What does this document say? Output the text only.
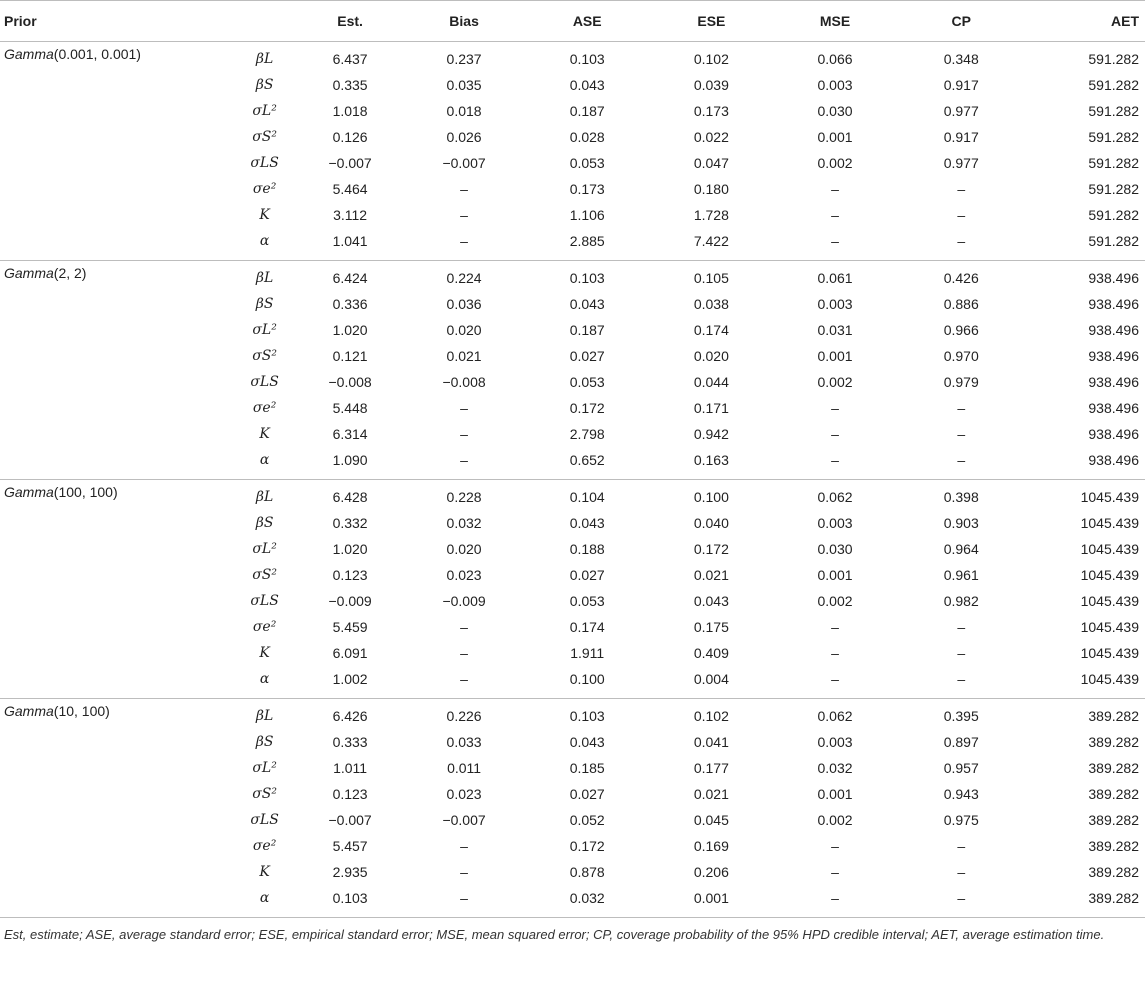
Prior		Est.	Bias	ASE	ESE	MSE	CP	AET
Gamma(0.001, 0.001)	βL	6.437	0.237	0.103	0.102	0.066	0.348	591.282
	βS	0.335	0.035	0.043	0.039	0.003	0.917	591.282
	σL²	1.018	0.018	0.187	0.173	0.030	0.977	591.282
	σS²	0.126	0.026	0.028	0.022	0.001	0.917	591.282
	σLS	−0.007	−0.007	0.053	0.047	0.002	0.977	591.282
	σe²	5.464	–	0.173	0.180	–	–	591.282
	K	3.112	–	1.106	1.728	–	–	591.282
	α	1.041	–	2.885	7.422	–	–	591.282
Gamma(2, 2)	βL	6.424	0.224	0.103	0.105	0.061	0.426	938.496
	βS	0.336	0.036	0.043	0.038	0.003	0.886	938.496
	σL²	1.020	0.020	0.187	0.174	0.031	0.966	938.496
	σS²	0.121	0.021	0.027	0.020	0.001	0.970	938.496
	σLS	−0.008	−0.008	0.053	0.044	0.002	0.979	938.496
	σe²	5.448	–	0.172	0.171	–	–	938.496
	K	6.314	–	2.798	0.942	–	–	938.496
	α	1.090	–	0.652	0.163	–	–	938.496
Gamma(100, 100)	βL	6.428	0.228	0.104	0.100	0.062	0.398	1045.439
	βS	0.332	0.032	0.043	0.040	0.003	0.903	1045.439
	σL²	1.020	0.020	0.188	0.172	0.030	0.964	1045.439
	σS²	0.123	0.023	0.027	0.021	0.001	0.961	1045.439
	σLS	−0.009	−0.009	0.053	0.043	0.002	0.982	1045.439
	σe²	5.459	–	0.174	0.175	–	–	1045.439
	K	6.091	–	1.911	0.409	–	–	1045.439
	α	1.002	–	0.100	0.004	–	–	1045.439
Gamma(10, 100)	βL	6.426	0.226	0.103	0.102	0.062	0.395	389.282
	βS	0.333	0.033	0.043	0.041	0.003	0.897	389.282
	σL²	1.011	0.011	0.185	0.177	0.032	0.957	389.282
	σS²	0.123	0.023	0.027	0.021	0.001	0.943	389.282
	σLS	−0.007	−0.007	0.052	0.045	0.002	0.975	389.282
	σe²	5.457	–	0.172	0.169	–	–	389.282
	K	2.935	–	0.878	0.206	–	–	389.282
	α	0.103	–	0.032	0.001	–	–	389.282
Est, estimate; ASE, average standard error; ESE, empirical standard error; MSE, mean squared error; CP, coverage probability of the 95% HPD credible interval; AET, average estimation time.
